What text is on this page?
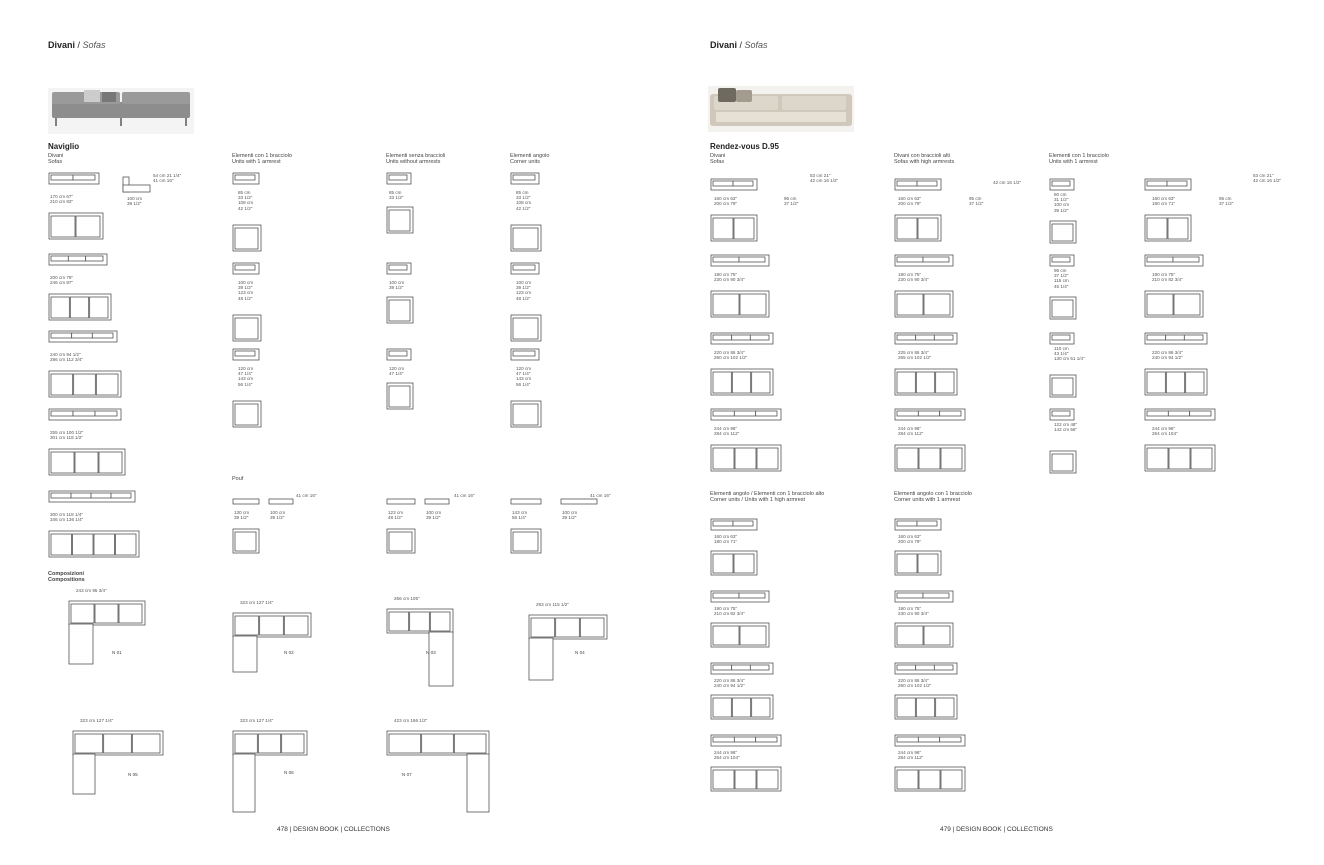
Divani / Sofas
Naviglio
Divani
Sofas
Elementi con 1 bracciolo
Units with 1 armrest
Elementi senza braccioli
Units without armrests
Elementi angolo
Corner units
170 cm 67"
210 cm 83"
200 cm 79"
246 cm 97"
240 cm 94 1/2"
286 cm 112 3/4"
255 cm 100 1/2"
301 cm 118 1/2"
300 cm 118 1/4"
346 cm 136 1/4"
54 cm 21 1/4"
41 cm 16"
100 cm
39 1/2"
85 cm
33 1/2"
108 cm
42 1/2"
85 cm
33 1/2"
85 cm
33 1/2"
108 cm
42 1/2"
100 cm
39 1/2"
123 cm
48 1/2"
100 cm
39 1/2"
100 cm
39 1/2"
123 cm
48 1/2"
120 cm
47 1/4"
143 cm
56 1/4"
120 cm
47 1/4"
120 cm
47 1/4"
143 cm
56 1/4"
130 cm
39 1/2"
100 cm
39 1/2"
123 cm
48 1/2"
100 cm
39 1/2"
143 cm
56 1/4"
100 cm
39 1/2"
41 cm 16"	41 cm 16"	41 cm 16"
Pouf
Composizioni
Compositions
243 cm 95 3/4"
N 01
323 cm 127 1/4"
N 02
266 cm 105"
N 03
293 cm 115 1/2"
N 04
323 cm 127 1/4"
N 05
323 cm 127 1/4"
N 06
423 cm 166 1/2"
N 07
478 | DESIGN BOOK | COLLECTIONS
Divani / Sofas
Rendez-vous D.95
Divani
Sofas
Divani con braccioli alti
Sofas with high armrests
Elementi con 1 bracciolo
Units with 1 armrest
Elementi angolo / Elementi con 1 bracciolo alto
Corner units / Units with 1 high armrest
Elementi angolo con 1 bracciolo
Corner units with 1 armrest
53 cm 21"
42 cm 16 1/2"
95 cm
37 1/2"
42 cm 16 1/2"
95 cm
37 1/2"
53 cm 21"
42 cm 16 1/2"
95 cm
37 1/2"
160 cm 63"
200 cm 79"
160 cm 63"
200 cm 79"
80 cm
31 1/2"
100 cm
39 1/2"
160 cm 63"
180 cm 71"
190 cm 75"
230 cm 90 3/4"
190 cm 75"
230 cm 90 3/4"
95 cm
37 1/2"
115 cm
45 1/4"
190 cm 75"
210 cm 82 3/4"
220 cm 86 3/4"
260 cm 102 1/2"
225 cm 86 3/4"
265 cm 102 1/2"
110 cm
43 1/4"
130 cm 51 1/4"
220 cm 86 3/4"
240 cm 94 1/2"
244 cm 96"
284 cm 112"
244 cm 96"
284 cm 112"
122 cm 48"
142 cm 56"	244 cm 96"
264 cm 104"
160 cm 63"
180 cm 71"
160 cm 63"
200 cm 79"
190 cm 75"
210 cm 82 3/4"
190 cm 75"
230 cm 90 3/4"
220 cm 86 3/4"
240 cm 94 1/2"
220 cm 86 3/4"
260 cm 102 1/2"
244 cm 96"
264 cm 104"
244 cm 96"
284 cm 112"
479 | DESIGN BOOK | COLLECTIONS
